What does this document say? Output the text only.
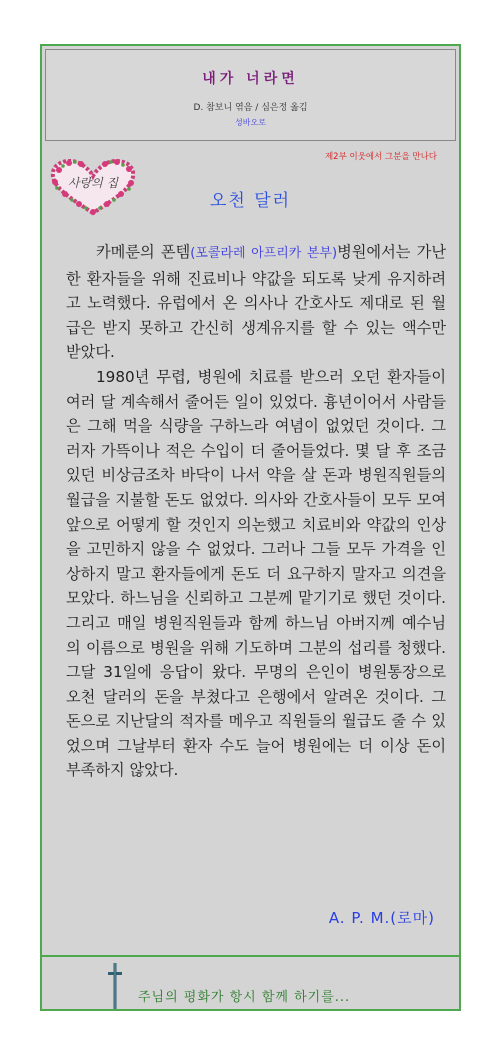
내가 너라면
D. 참보니 엮음 / 심은정 옮김
성바오로
제2부 이웃에서 그분을 만나다
사랑의 집
오천 달러

카메룬의 폰템(포콜라레 아프리카 본부)병원에서는 가난한 환자들을 위해 진료비나 약값을 되도록 낮게 유지하려고 노력했다. 유럽에서 온 의사나 간호사도 제대로 된 월급은 받지 못하고 간신히 생계유지를 할 수 있는 액수만 받았다.

1980년 무렵, 병원에 치료를 받으러 오던 환자들이 여러 달 계속해서 줄어든 일이 있었다. 흉년이어서 사람들은 그해 먹을 식량을 구하느라 여념이 없었던 것이다. 그러자 가뜩이나 적은 수입이 더 줄어들었다. 몇 달 후 조금 있던 비상금조차 바닥이 나서 약을 살 돈과 병원직원들의 월급을 지불할 돈도 없었다. 의사와 간호사들이 모두 모여 앞으로 어떻게 할 것인지 의논했고 치료비와 약값의 인상을 고민하지 않을 수 없었다. 그러나 그들 모두 가격을 인상하지 말고 환자들에게 돈도 더 요구하지 말자고 의견을 모았다. 하느님을 신뢰하고 그분께 맡기기로 했던 것이다. 그리고 매일 병원직원들과 함께 하느님 아버지께 예수님의 이름으로 병원을 위해 기도하며 그분의 섭리를 청했다. 그달 31일에 응답이 왔다. 무명의 은인이 병원통장으로 오천 달러의 돈을 부쳤다고 은행에서 알려온 것이다. 그 돈으로 지난달의 적자를 메우고 직원들의 월급도 줄 수 있었으며 그날부터 환자 수도 늘어 병원에는 더 이상 돈이 부족하지 않았다.

A. P. M.(로마)
주님의 평화가 항시 함께 하기를...
